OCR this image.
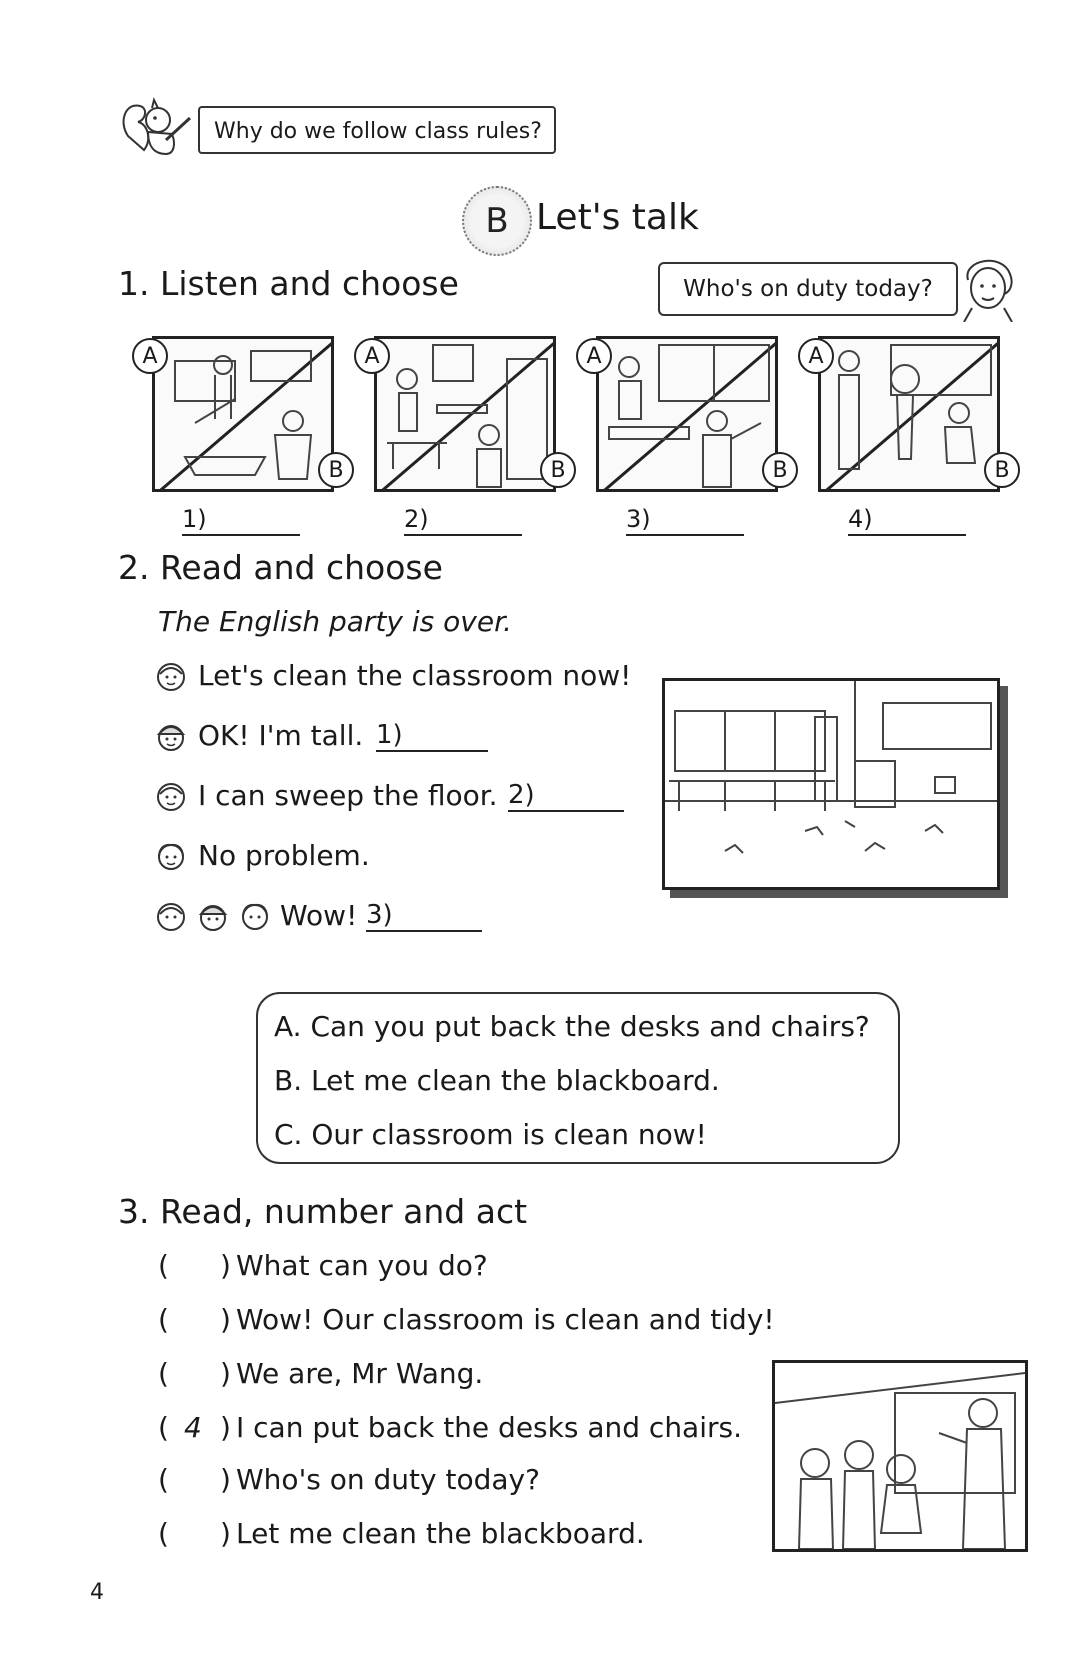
Why do we follow class rules?
B Let's talk
1. Listen and choose	Who's on duty today?
A
B
A
B
A
B
A
B
1)	2)	3)	4)
2. Read and choose
The English party is over.
Let's clean the classroom now!
OK! I'm tall. 1)
I can sweep the floor. 2)
No problem.
Wow! 3)
A. Can you put back the desks and chairs?
B. Let me clean the blackboard.
C. Our classroom is clean now!
3. Read, number and act
( ) What can you do?
( ) Wow! Our classroom is clean and tidy!
( ) We are, Mr Wang.
( 4 ) I can put back the desks and chairs.
( ) Who's on duty today?
( ) Let me clean the blackboard.
4
